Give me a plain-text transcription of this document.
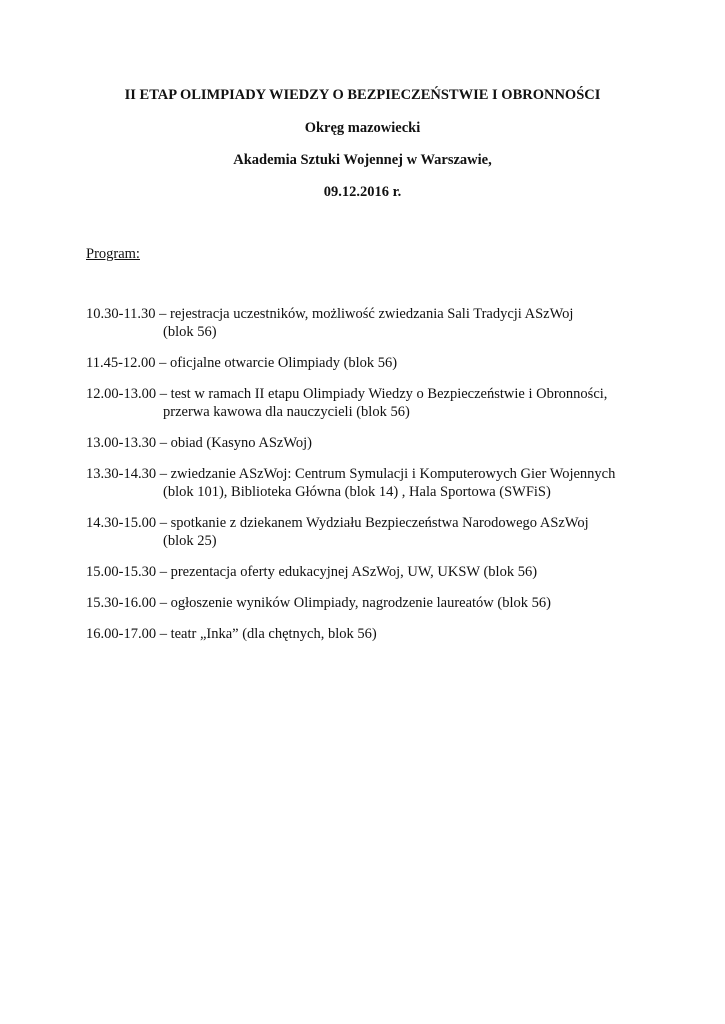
II ETAP OLIMPIADY WIEDZY O BEZPIECZEŃSTWIE I OBRONNOŚCI
Okręg mazowiecki
Akademia Sztuki Wojennej w Warszawie,
09.12.2016 r.
Program:
10.30-11.30 – rejestracja uczestników, możliwość zwiedzania Sali Tradycji ASzWoj
(blok 56)
11.45-12.00 – oficjalne otwarcie Olimpiady (blok 56)
12.00-13.00 – test w ramach II etapu Olimpiady Wiedzy o Bezpieczeństwie i Obronności,
przerwa kawowa dla nauczycieli (blok 56)
13.00-13.30 – obiad (Kasyno ASzWoj)
13.30-14.30 – zwiedzanie ASzWoj: Centrum Symulacji i Komputerowych Gier Wojennych
(blok 101), Biblioteka Główna (blok 14) , Hala Sportowa (SWFiS)
14.30-15.00 – spotkanie z dziekanem Wydziału Bezpieczeństwa Narodowego ASzWoj
(blok 25)
15.00-15.30 – prezentacja oferty edukacyjnej ASzWoj, UW, UKSW (blok 56)
15.30-16.00 – ogłoszenie wyników Olimpiady, nagrodzenie laureatów (blok 56)
16.00-17.00 – teatr „Inka” (dla chętnych, blok 56)
